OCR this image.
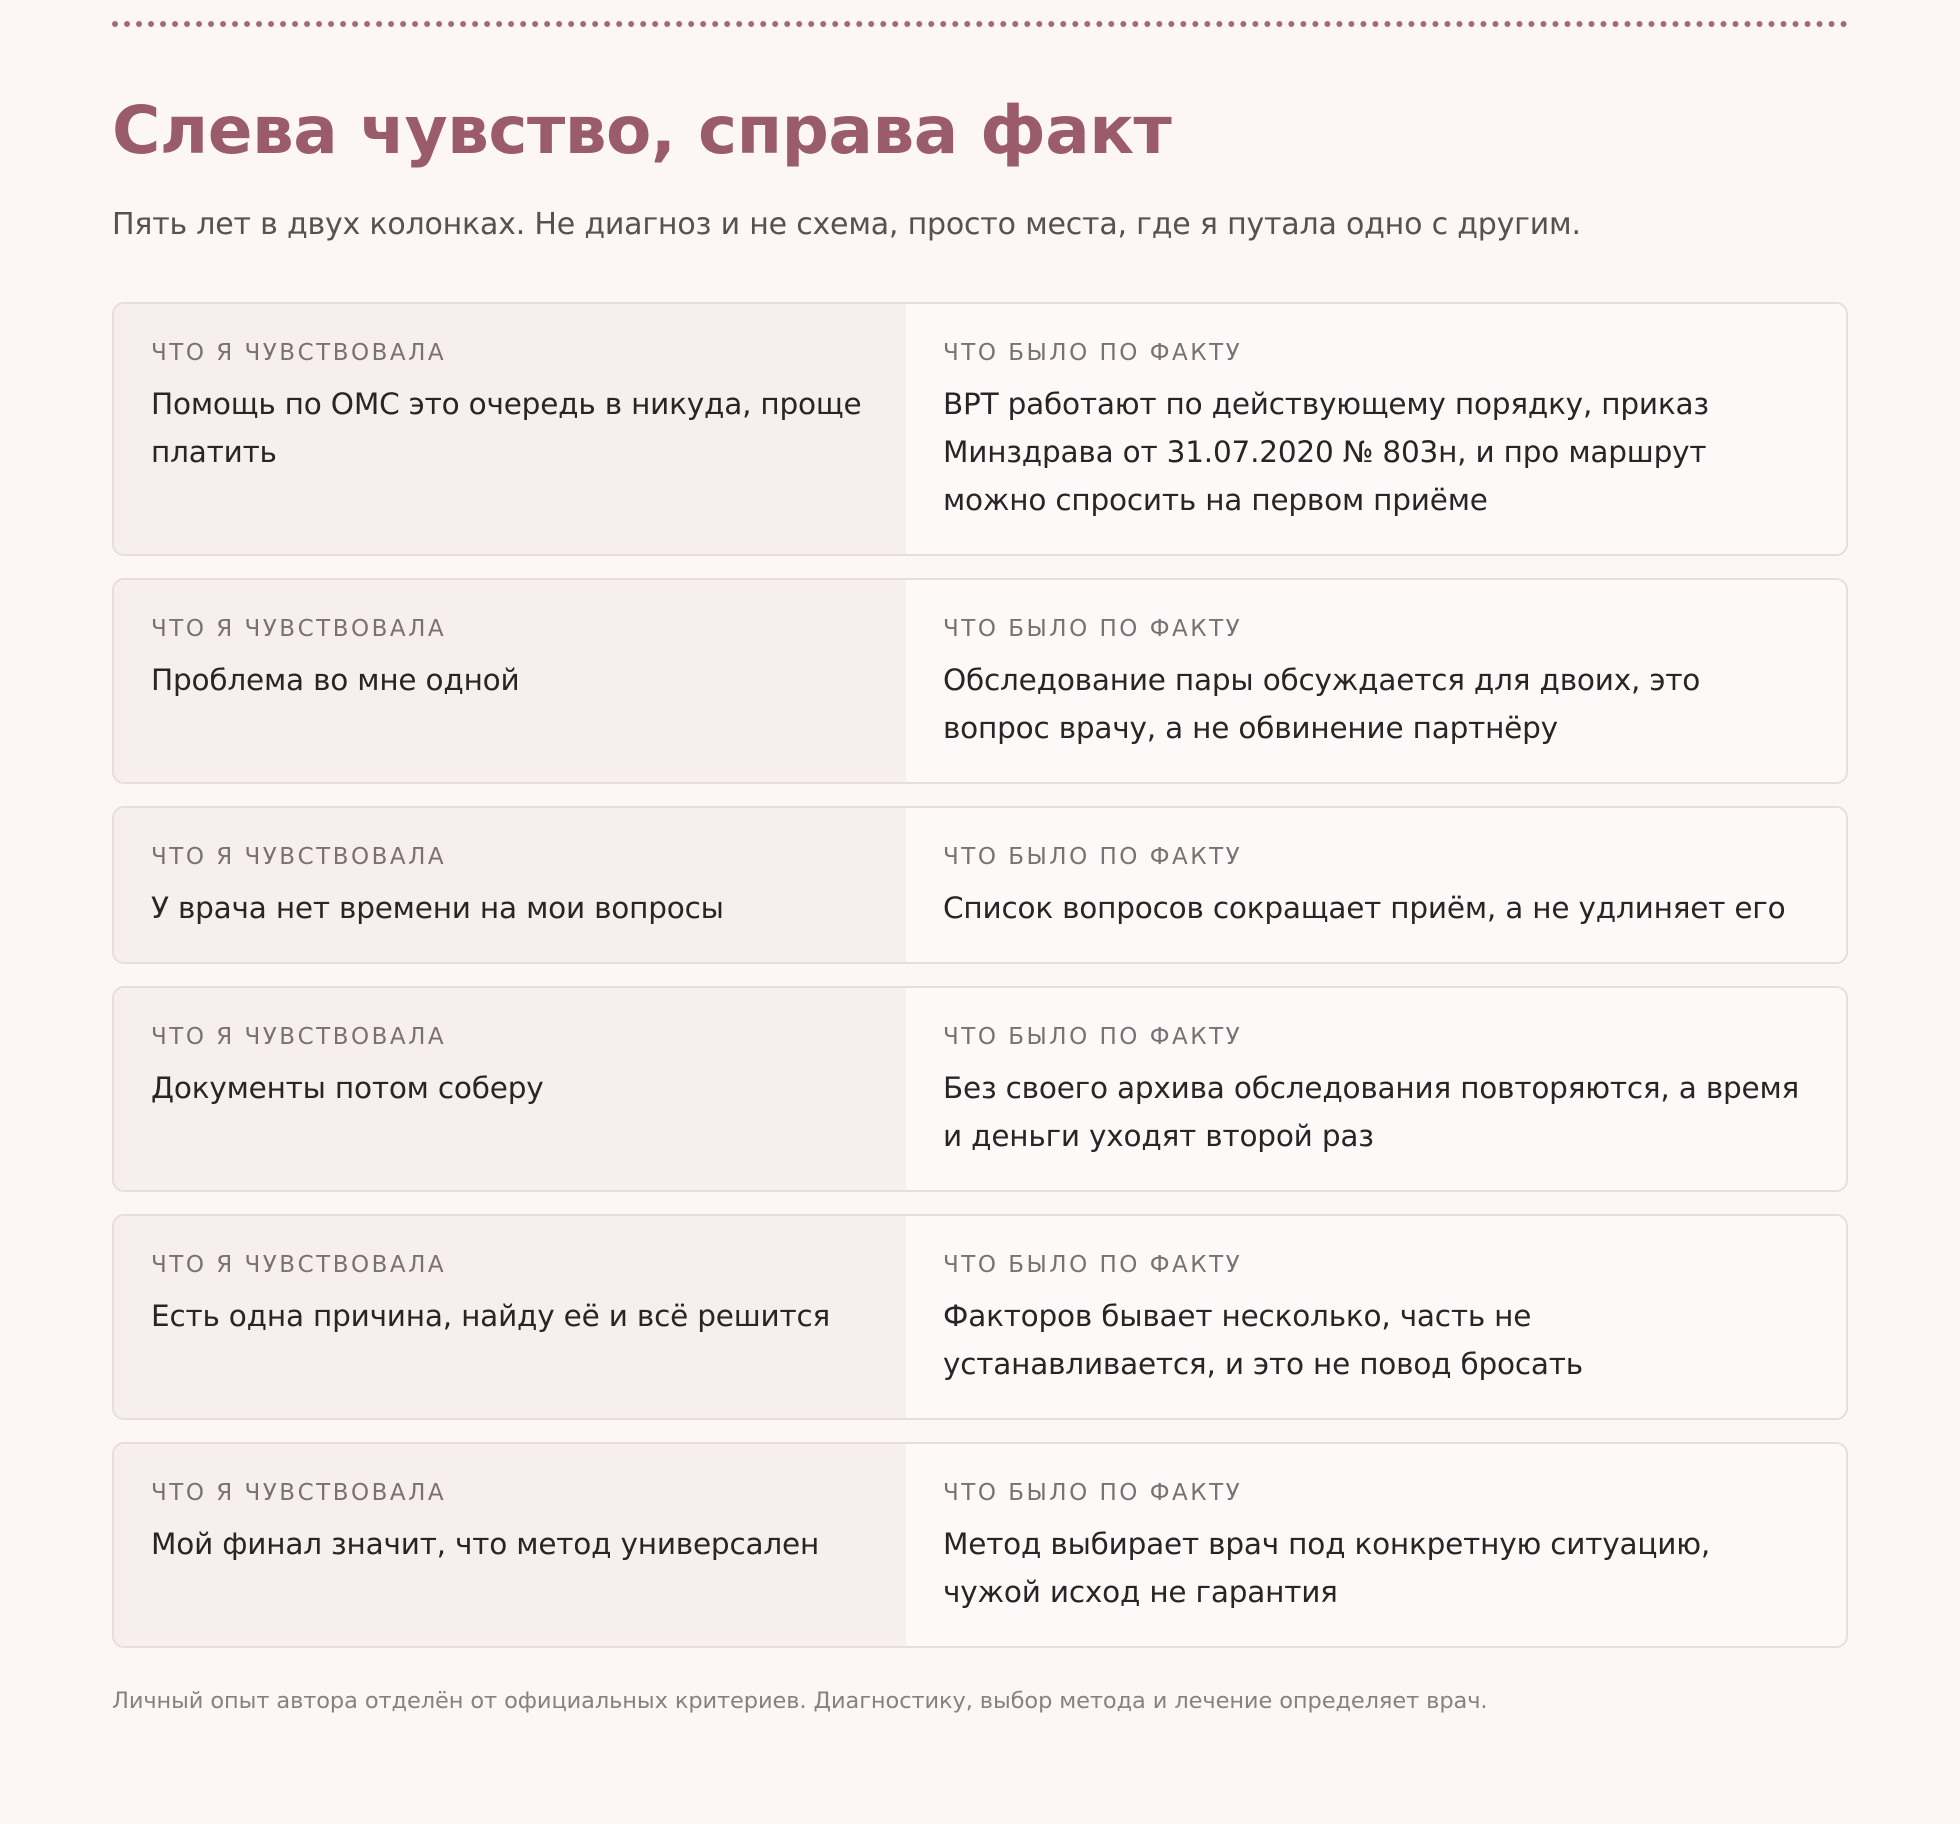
Слева чувство, справа факт

Пять лет в двух колонках. Не диагноз и не схема, просто места, где я путала одно с другим.

ЧТО Я ЧУВСТВОВАЛА
Помощь по ОМС это очередь в никуда, проще платить
ЧТО БЫЛО ПО ФАКТУ
ВРТ работают по действующему порядку, приказ Минздрава от 31.07.2020 № 803н, и про маршрут можно спросить на первом приёме
ЧТО Я ЧУВСТВОВАЛА
Проблема во мне одной
ЧТО БЫЛО ПО ФАКТУ
Обследование пары обсуждается для двоих, это вопрос врачу, а не обвинение партнёру
ЧТО Я ЧУВСТВОВАЛА
У врача нет времени на мои вопросы
ЧТО БЫЛО ПО ФАКТУ
Список вопросов сокращает приём, а не удлиняет его
ЧТО Я ЧУВСТВОВАЛА
Документы потом соберу
ЧТО БЫЛО ПО ФАКТУ
Без своего архива обследования повторяются, а время и деньги уходят второй раз
ЧТО Я ЧУВСТВОВАЛА
Есть одна причина, найду её и всё решится
ЧТО БЫЛО ПО ФАКТУ
Факторов бывает несколько, часть не устанавливается, и это не повод бросать
ЧТО Я ЧУВСТВОВАЛА
Мой финал значит, что метод универсален
ЧТО БЫЛО ПО ФАКТУ
Метод выбирает врач под конкретную ситуацию, чужой исход не гарантия

Личный опыт автора отделён от официальных критериев. Диагностику, выбор метода и лечение определяет врач.
